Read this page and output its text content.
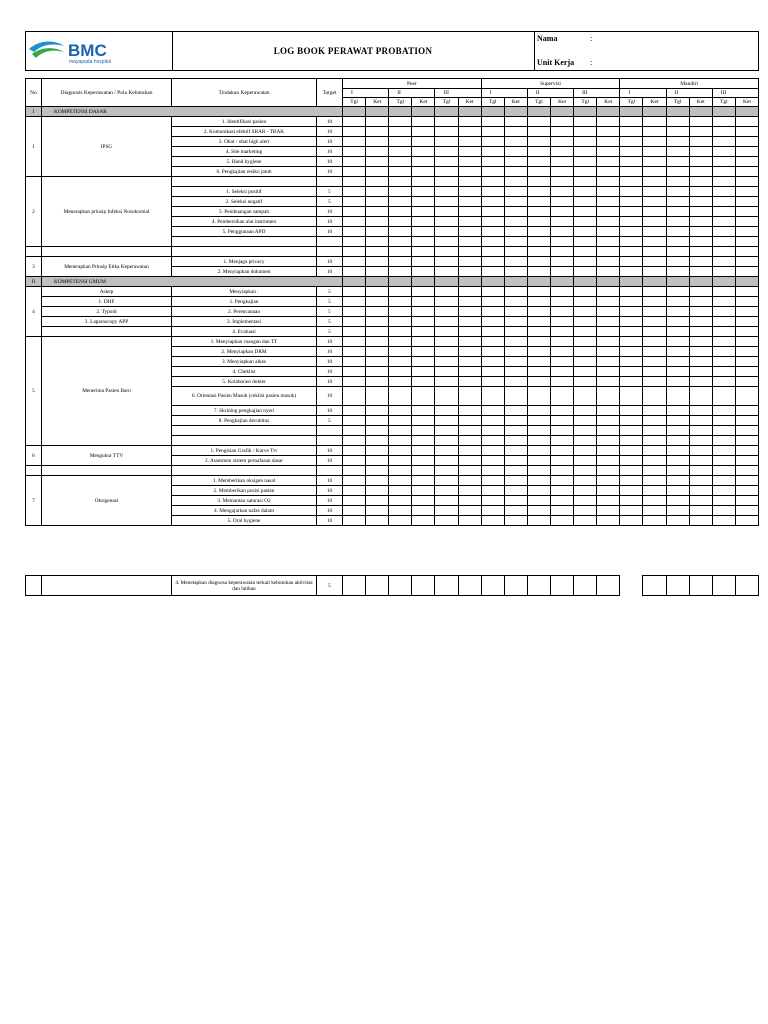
BMC
mayapada hospital
LOG BOOK PERAWAT PROBATION
Nama	:
Unit Kerja :
No	Diagnosis Keperawatan / Pola Kebutuhan	Tindakan Keperawatan	Target	Peer						Supervisi						Mandiri					
				I		II		III		I		II		III		I		II		III	
				Tgl	Ket	Tgl	Ket	Tgl	Ket	Tgl	Ket	Tgl	Ket	Tgl	Ket	Tgl	Ket	Tgl	Ket	Tgl	Ket
I	KOMPETENSI DASAR																				
1	IPSG	1. Identifikasi pasien	10																		
		2. Komunikasi efektif SBAR - TBAK	10																		
		3. Obat - obat high alert	10																		
		4. Site marketing	10																		
		5. Hand hygiene	10																		
		6. Pengkajian resiko jatuh	10																		
2	Menerapkan prinsip Infeksi Nosokomial																				
		1. Seleksi positif	5																		
		2. Seleksi negatif	5																		
		3. Pembuangan sampah	10																		
		4. Pembersihan alat instrumen	10																		
		5. Penggunaan APD	10																		

3	Menerapkan Prinsip Etika Keperawatan	1. Menjaga privacy	10																		
		2. Menyiapkan dokumen	10																		
II	KOMPETENSI UMUM																				
4	Askep	Menyiapkan :	5																		
	1. DHF	1. Pengkajian	5																		
	2. Typoid	2. Perencanaan	5																		
	3. Laparoscopy APP	3. Implementasi	5																		
		4. Evaluasi	5																		
5	Menerima Pasien Baru	1. Menyiapkan ruangan dan TT	10																		
		2. Menyiapkan DRM	10																		
		3. Menyiapkan alkes	10																		
		4. Cheklist	10																		
		5. Kolaborasi dokter	10																		
		6. Orientasi Pasien Masuk (ceklist pasien masuk)	10																		
		7. Skrining pengkajian nyeri	10																		
		8. Pengkajian decubitus	5																		

6	Mengukur TTV	1. Pengisian Grafik / Kurve Ttv	10																		
		2. Assesmen sistem pernafasan dasar	10																		

7	Oksigenasi	1. Memberikan oksigen nasal	10																		
		2. Memberikan posisi pasien	10																		
		3. Memantau saturasi O2	10																		
		4. Mengajarkan nafas dalam	10																		
		5. Oral hygiene	10																		
		4. Menetapkan diagnosa keperawatan terkait kebutuhan aktivitas dan latihan	5																		
